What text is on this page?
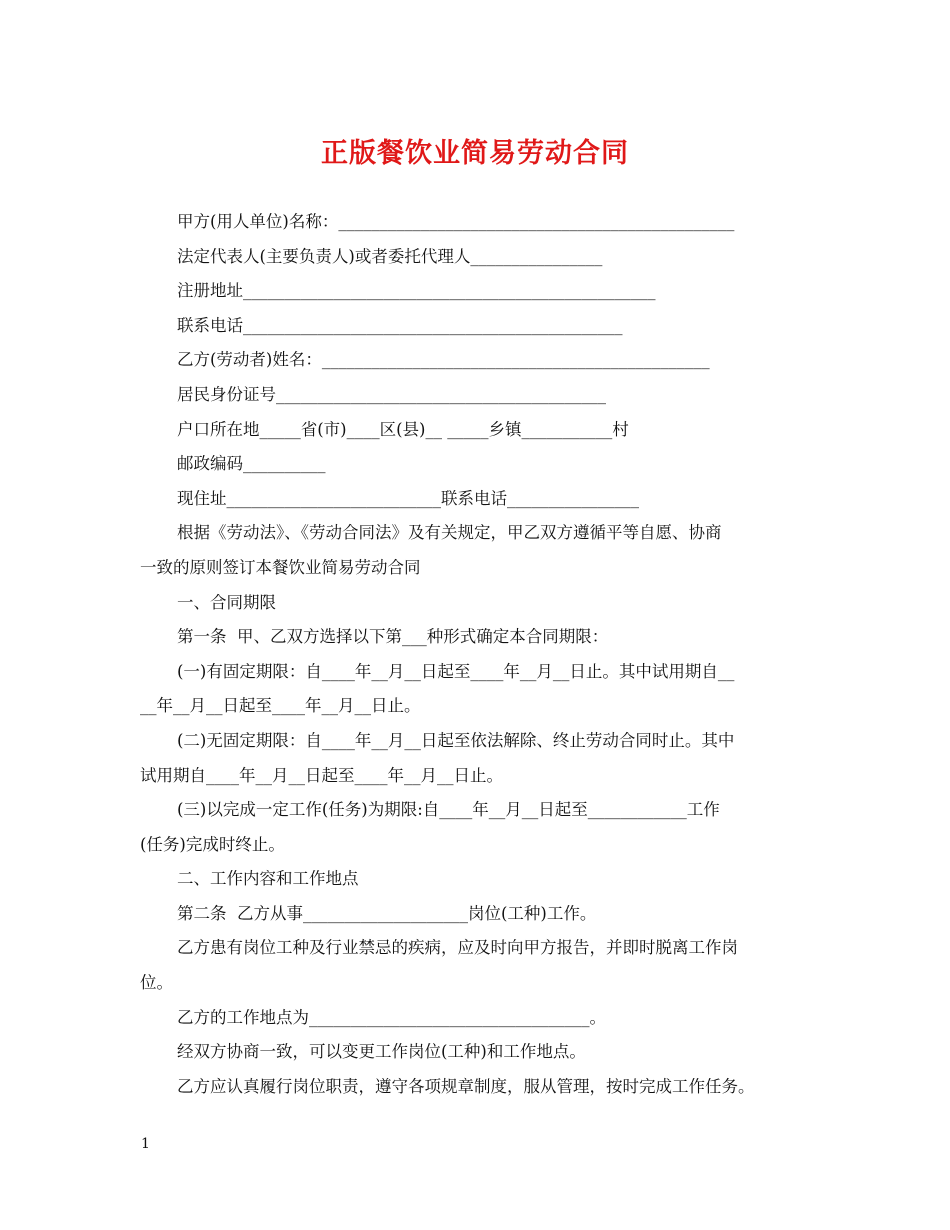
正版餐饮业简易劳动合同

甲方(用人单位)名称：________________________________________________

法定代表人(主要负责人)或者委托代理人________________

注册地址__________________________________________________

联系电话______________________________________________

乙方(劳动者)姓名：_______________________________________________

居民身份证号________________________________________

户口所在地_____省(市)____区(县)__ _____乡镇___________村

邮政编码__________

现住址__________________________联系电话________________

根据《劳动法》、《劳动合同法》及有关规定，甲乙双方遵循平等自愿、协商

一致的原则签订本餐饮业简易劳动合同

一、合同期限

第一条  甲、乙双方选择以下第___种形式确定本合同期限：

(一)有固定期限：自____年__月__日起至____年__月__日止。其中试用期自__

__年__月__日起至____年__月__日止。

(二)无固定期限：自____年__月__日起至依法解除、终止劳动合同时止。其中

试用期自____年__月__日起至____年__月__日止。

(三)以完成一定工作(任务)为期限:自____年__月__日起至____________工作

(任务)完成时终止。

二、工作内容和工作地点

第二条  乙方从事____________________岗位(工种)工作。

乙方患有岗位工种及行业禁忌的疾病，应及时向甲方报告，并即时脱离工作岗

位。

乙方的工作地点为__________________________________。

经双方协商一致，可以变更工作岗位(工种)和工作地点。

乙方应认真履行岗位职责，遵守各项规章制度，服从管理，按时完成工作任务。

1
